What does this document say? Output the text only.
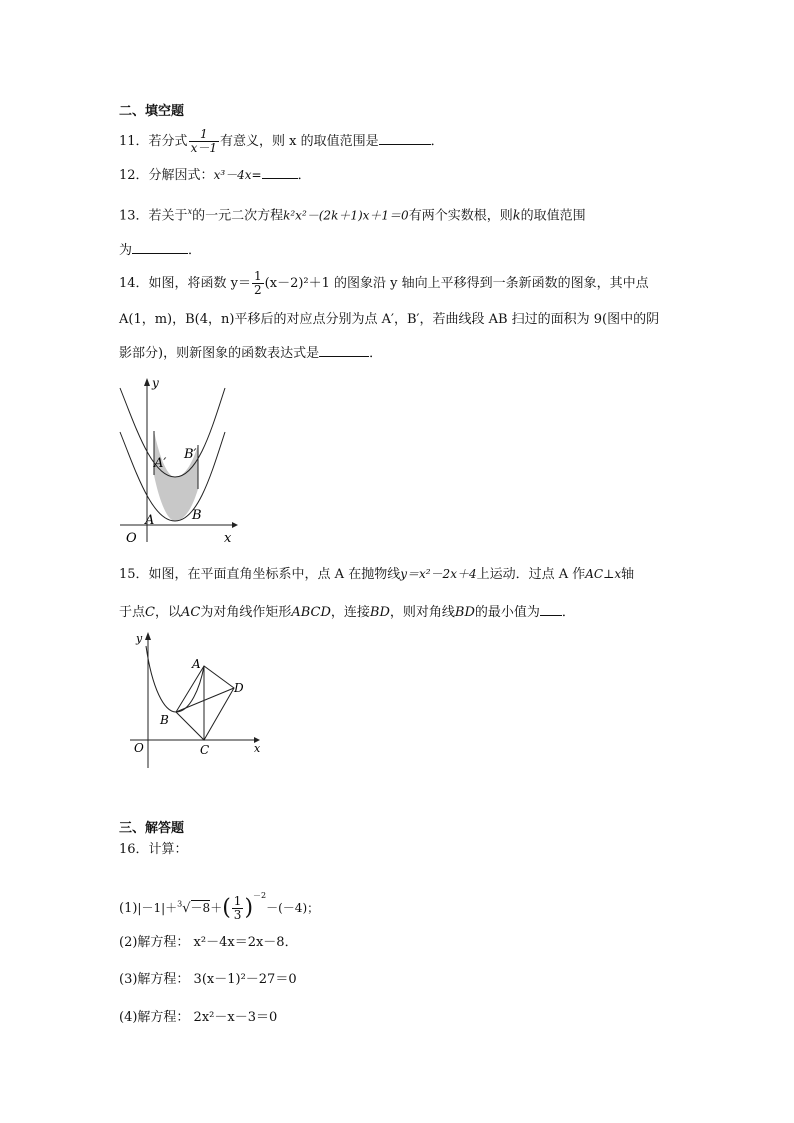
二、填空题
11．若分式 $\frac{1}{x-1}$ 有意义，则 x 的取值范围是	．
12．分解因式：x³－4x=	．
13．若关于$^x$的一元二次方程k²x²－(2k＋1)x＋1＝0有两个实数根，则k的取值范围
为	．
14．如图，将函数 $y= \frac{1}{2} (x-2)^2+1$ 的图象沿 y 轴向上平移得到一条新函数的图象，其中点
A(1，m)，B(4，n)平移后的对应点分别为点 A′，B′，若曲线段 AB 扫过的面积为 9(图中的阴
影部分)，则新图象的函数表达式是	．
y
x
O
A	B
A′
B′
15．如图，在平面直角坐标系中，点 A 在抛物线y＝x²－2x＋4上运动．过点 A 作AC⊥x轴
于点C，以AC为对角线作矩形ABCD，连接BD，则对角线BD的最小值为 ．
y
x
O
A
B
C
D
三、解答题
16．计算：
$(1)|-1|+^3√-8+( \frac{1}{3} )^{-2}-(-4)$；
(2)解方程： x²－4x＝2x－8．
(3)解方程： 3(x－1)²－27＝0
(4)解方程： 2x²－x－3＝0
